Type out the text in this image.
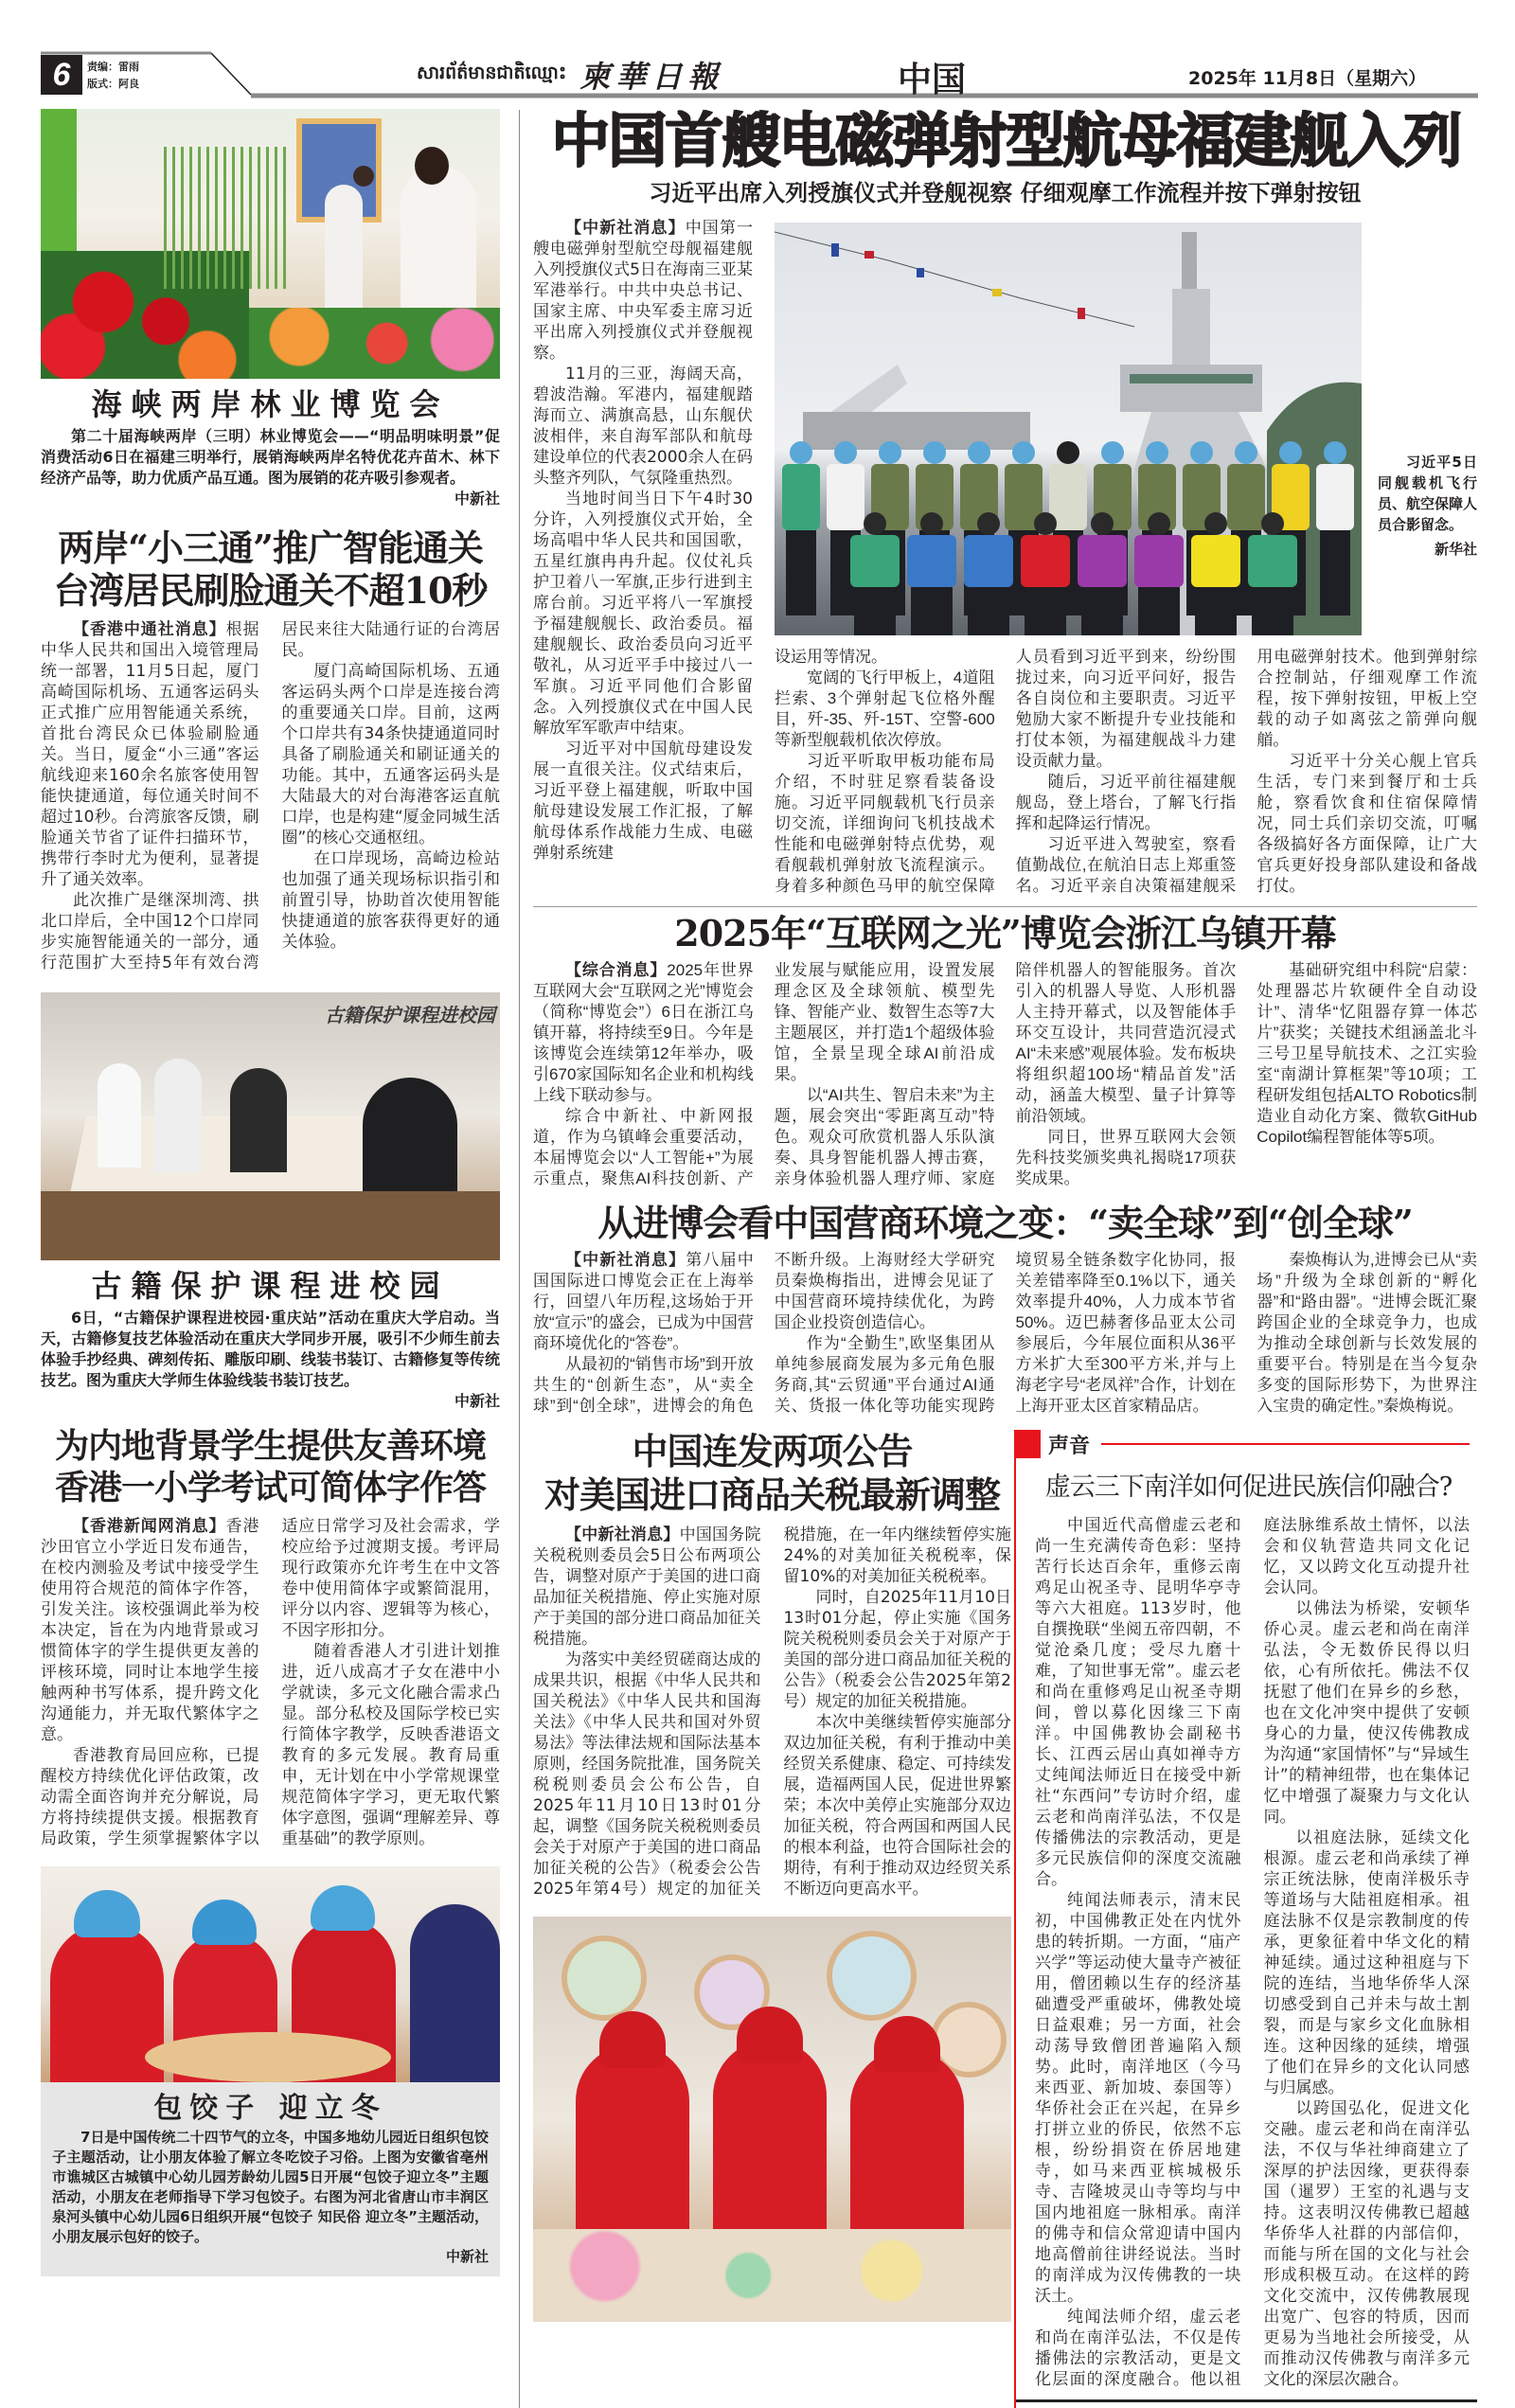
6	责编：雷雨
版式：阿良
សារព័ត៌មានជាតិឈ្មោះ 柬華日報	中国	2025年 11月8日（星期六）
海峡两岸林业博览会
第二十届海峡两岸（三明）林业博览会——“明品明味明景”促消费活动6日在福建三明举行，展销海峡两岸名特优花卉苗木、林下经济产品等，助力优质产品互通。图为展销的花卉吸引参观者。
中新社
两岸“小三通”推广智能通关
台湾居民刷脸通关不超10秒

【香港中通社消息】根据中华人民共和国出入境管理局统一部署，11月5日起，厦门高崎国际机场、五通客运码头正式推广应用智能通关系统，首批台湾民众已体验刷脸通关。当日，厦金“小三通”客运航线迎来160余名旅客使用智能快捷通道，每位通关时间不超过10秒。台湾旅客反馈，刷脸通关节省了证件扫描环节，携带行李时尤为便利，显著提升了通关效率。

此次推广是继深圳湾、拱北口岸后，全中国12个口岸同步实施智能通关的一部分，通行范围扩大至持5年有效台湾居民来往大陆通行证的台湾居民。

厦门高崎国际机场、五通客运码头两个口岸是连接台湾的重要通关口岸。目前，这两个口岸共有34条快捷通道同时具备了刷脸通关和刷证通关的功能。其中，五通客运码头是大陆最大的对台海港客运直航口岸，也是构建“厦金同城生活圈”的核心交通枢纽。

在口岸现场，高崎边检站也加强了通关现场标识指引和前置引导，协助首次使用智能快捷通道的旅客获得更好的通关体验。

古籍保护课程进校园
古籍保护课程进校园
6日，“古籍保护课程进校园·重庆站”活动在重庆大学启动。当天，古籍修复技艺体验活动在重庆大学同步开展，吸引不少师生前去体验手抄经典、碑刻传拓、雕版印刷、线装书装订、古籍修复等传统技艺。图为重庆大学师生体验线装书装订技艺。
中新社
为内地背景学生提供友善环境
香港一小学考试可简体字作答

【香港新闻网消息】香港沙田官立小学近日发布通告，在校内测验及考试中接受学生使用符合规范的简体字作答，引发关注。该校强调此举为校本决定，旨在为内地背景或习惯简体字的学生提供更友善的评核环境，同时让本地学生接触两种书写体系，提升跨文化沟通能力，并无取代繁体字之意。

香港教育局回应称，已提醒校方持续优化评估政策，改动需全面咨询并充分解说，局方将持续提供支援。根据教育局政策，学生须掌握繁体字以适应日常学习及社会需求，学校应给予过渡期支援。考评局现行政策亦允许考生在中文答卷中使用简体字或繁简混用，评分以内容、逻辑等为核心，不因字形扣分。

随着香港人才引进计划推进，近八成高才子女在港中小学就读，多元文化融合需求凸显。部分私校及国际学校已实行简体字教学，反映香港语文教育的多元发展。教育局重申，无计划在中小学常规课堂规范简体字学习，更无取代繁体字意图，强调“理解差异、尊重基础”的教学原则。

包饺子 迎立冬
7日是中国传统二十四节气的立冬，中国多地幼儿园近日组织包饺子主题活动，让小朋友体验了解立冬吃饺子习俗。上图为安徽省亳州市谯城区古城镇中心幼儿园芳龄幼儿园5日开展“包饺子迎立冬”主题活动，小朋友在老师指导下学习包饺子。右图为河北省唐山市丰润区泉河头镇中心幼儿园6日组织开展“包饺子 知民俗 迎立冬”主题活动，小朋友展示包好的饺子。
中新社
中国首艘电磁弹射型航母福建舰入列
习近平出席入列授旗仪式并登舰视察 仔细观摩工作流程并按下弹射按钮

【中新社消息】中国第一艘电磁弹射型航空母舰福建舰入列授旗仪式5日在海南三亚某军港举行。中共中央总书记、国家主席、中央军委主席习近平出席入列授旗仪式并登舰视察。

11月的三亚，海阔天高，碧波浩瀚。军港内，福建舰踏海而立、满旗高悬，山东舰伏波相伴，来自海军部队和航母建设单位的代表2000余人在码头整齐列队，气氛隆重热烈。

当地时间当日下午4时30分许，入列授旗仪式开始，全场高唱中华人民共和国国歌，五星红旗冉冉升起。仪仗礼兵护卫着八一军旗,正步行进到主席台前。习近平将八一军旗授予福建舰舰长、政治委员。福建舰舰长、政治委员向习近平敬礼，从习近平手中接过八一军旗。习近平同他们合影留念。入列授旗仪式在中国人民解放军军歌声中结束。

习近平对中国航母建设发展一直很关注。仪式结束后，习近平登上福建舰，听取中国航母建设发展工作汇报，了解航母体系作战能力生成、电磁弹射系统建

习近平5日同舰载机飞行员、航空保障人员合影留念。
新华社

设运用等情况。

宽阔的飞行甲板上，4道阻拦索、3个弹射起飞位格外醒目，歼-35、歼-15T、空警-600等新型舰载机依次停放。

习近平听取甲板功能布局介绍，不时驻足察看装备设施。习近平同舰载机飞行员亲切交流，详细询问飞机技战术性能和电磁弹射特点优势，观看舰载机弹射放飞流程演示。身着多种颜色马甲的航空保障人员看到习近平到来，纷纷围拢过来，向习近平问好，报告各自岗位和主要职责。习近平勉励大家不断提升专业技能和打仗本领，为福建舰战斗力建设贡献力量。

随后，习近平前往福建舰舰岛，登上塔台，了解飞行指挥和起降运行情况。

习近平进入驾驶室，察看值勤战位,在航泊日志上郑重签名。习近平亲自决策福建舰采用电磁弹射技术。他到弹射综合控制站，仔细观摩工作流程，按下弹射按钮，甲板上空载的动子如离弦之箭弹向舰艏。

习近平十分关心舰上官兵生活，专门来到餐厅和士兵舱，察看饮食和住宿保障情况，同士兵们亲切交流，叮嘱各级搞好各方面保障，让广大官兵更好投身部队建设和备战打仗。

2025年“互联网之光”博览会浙江乌镇开幕

【综合消息】2025年世界互联网大会“互联网之光”博览会（简称“博览会”）6日在浙江乌镇开幕，将持续至9日。今年是该博览会连续第12年举办，吸引670家国际知名企业和机构线上线下联动参与。

综合中新社、中新网报道，作为乌镇峰会重要活动，本届博览会以“人工智能+”为展示重点，聚焦AI科技创新、产业发展与赋能应用，设置发展理念区及全球领航、模型先锋、智能产业、数智生态等7大主题展区，并打造1个超级体验馆，全景呈现全球AI前沿成果。

以“AI共生、智启未来”为主题，展会突出“零距离互动”特色。观众可欣赏机器人乐队演奏、具身智能机器人搏击赛，亲身体验机器人理疗师、家庭陪伴机器人的智能服务。首次引入的机器人导览、人形机器人主持开幕式，以及智能体手环交互设计，共同营造沉浸式AI“未来感”观展体验。发布板块将组织超100场“精品首发”活动，涵盖大模型、量子计算等前沿领域。

同日，世界互联网大会领先科技奖颁奖典礼揭晓17项获奖成果。

基础研究组中科院“启蒙：处理器芯片软硬件全自动设计”、清华“忆阻器存算一体芯片”获奖；关键技术组涵盖北斗三号卫星导航技术、之江实验室“南湖计算框架”等10项；工程研发组包括ALTO Robotics制造业自动化方案、微软GitHub Copilot编程智能体等5项。

从进博会看中国营商环境之变：“卖全球”到“创全球”

【中新社消息】第八届中国国际进口博览会正在上海举行，回望八年历程,这场始于开放“宣示”的盛会，已成为中国营商环境优化的“答卷”。

从最初的“销售市场”到开放共生的“创新生态”，从“卖全球”到“创全球”，进博会的角色不断升级。上海财经大学研究员秦焕梅指出，进博会见证了中国营商环境持续优化，为跨国企业投资创造信心。

作为“全勤生”,欧坚集团从单纯参展商发展为多元角色服务商,其“云贸通”平台通过AI通关、货报一体化等功能实现跨境贸易全链条数字化协同，报关差错率降至0.1%以下，通关效率提升40%，人力成本节省50%。迈巴赫奢侈品亚太公司参展后，今年展位面积从36平方米扩大至300平方米,并与上海老字号“老凤祥”合作，计划在上海开亚太区首家精品店。

秦焕梅认为,进博会已从“卖场”升级为全球创新的“孵化器”和“路由器”。“进博会既汇聚跨国企业的全球竞争力，也成为推动全球创新与长效发展的重要平台。特别是在当今复杂多变的国际形势下，为世界注入宝贵的确定性。”秦焕梅说。

中国连发两项公告
对美国进口商品关税最新调整

【中新社消息】中国国务院关税税则委员会5日公布两项公告，调整对原产于美国的进口商品加征关税措施、停止实施对原产于美国的部分进口商品加征关税措施。

为落实中美经贸磋商达成的成果共识，根据《中华人民共和国关税法》《中华人民共和国海关法》《中华人民共和国对外贸易法》等法律法规和国际法基本原则，经国务院批准，国务院关税税则委员会公布公告，自2025年11月10日13时01分起，调整《国务院关税税则委员会关于对原产于美国的进口商品加征关税的公告》（税委会公告2025年第4号）规定的加征关税措施，在一年内继续暂停实施24%的对美加征关税税率，保留10%的对美加征关税税率。

同时，自2025年11月10日13时01分起，停止实施《国务院关税税则委员会关于对原产于美国的部分进口商品加征关税的公告》（税委会公告2025年第2号）规定的加征关税措施。

本次中美继续暂停实施部分双边加征关税，有利于推动中美经贸关系健康、稳定、可持续发展，造福两国人民，促进世界繁荣；本次中美停止实施部分双边加征关税，符合两国和两国人民的根本利益，也符合国际社会的期待，有利于推动双边经贸关系不断迈向更高水平。

声音
虚云三下南洋如何促进民族信仰融合?

中国近代高僧虚云老和尚一生充满传奇色彩：坚持苦行长达百余年，重修云南鸡足山祝圣寺、昆明华亭寺等六大祖庭。113岁时，他自撰挽联“坐阅五帝四朝，不觉沧桑几度；受尽九磨十难，了知世事无常”。虚云老和尚在重修鸡足山祝圣寺期间，曾以募化因缘三下南洋。中国佛教协会副秘书长、江西云居山真如禅寺方丈纯闻法师近日在接受中新社“东西问”专访时介绍，虚云老和尚南洋弘法，不仅是传播佛法的宗教活动，更是多元民族信仰的深度交流融合。

纯闻法师表示，清末民初，中国佛教正处在内忧外患的转折期。一方面，“庙产兴学”等运动使大量寺产被征用，僧团赖以生存的经济基础遭受严重破坏，佛教处境日益艰难；另一方面，社会动荡导致僧团普遍陷入颓势。此时，南洋地区（今马来西亚、新加坡、泰国等）华侨社会正在兴起，在异乡打拼立业的侨民，依然不忘根，纷纷捐资在侨居地建寺，如马来西亚槟城极乐寺、吉隆坡灵山寺等均与中国内地祖庭一脉相承。南洋的佛寺和信众常迎请中国内地高僧前往讲经说法。当时的南洋成为汉传佛教的一块沃土。

纯闻法师介绍，虚云老和尚在南洋弘法，不仅是传播佛法的宗教活动，更是文化层面的深度融合。他以祖庭法脉维系故土情怀，以法会和仪轨营造共同文化记忆，又以跨文化互动提升社会认同。

以佛法为桥梁，安顿华侨心灵。虚云老和尚在南洋弘法，令无数侨民得以归依，心有所依托。佛法不仅抚慰了他们在异乡的乡愁，也在文化冲突中提供了安顿身心的力量，使汉传佛教成为沟通“家国情怀”与“异域生计”的精神纽带，也在集体记忆中增强了凝聚力与文化认同。

以祖庭法脉，延续文化根源。虚云老和尚承续了禅宗正统法脉，使南洋极乐寺等道场与大陆祖庭相承。祖庭法脉不仅是宗教制度的传承，更象征着中华文化的精神延续。通过这种祖庭与下院的连结，当地华侨华人深切感受到自己并未与故土割裂，而是与家乡文化血脉相连。这种因缘的延续，增强了他们在异乡的文化认同感与归属感。

以跨国弘化，促进文化交融。虚云老和尚在南洋弘法，不仅与华社绅商建立了深厚的护法因缘，更获得泰国（暹罗）王室的礼遇与支持。这表明汉传佛教已超越华侨华人社群的内部信仰，而能与所在国的文化与社会形成积极互动。在这样的跨文化交流中，汉传佛教展现出宽广、包容的特质，因而更易为当地社会所接受，从而推动汉传佛教与南洋多元文化的深层次融合。
